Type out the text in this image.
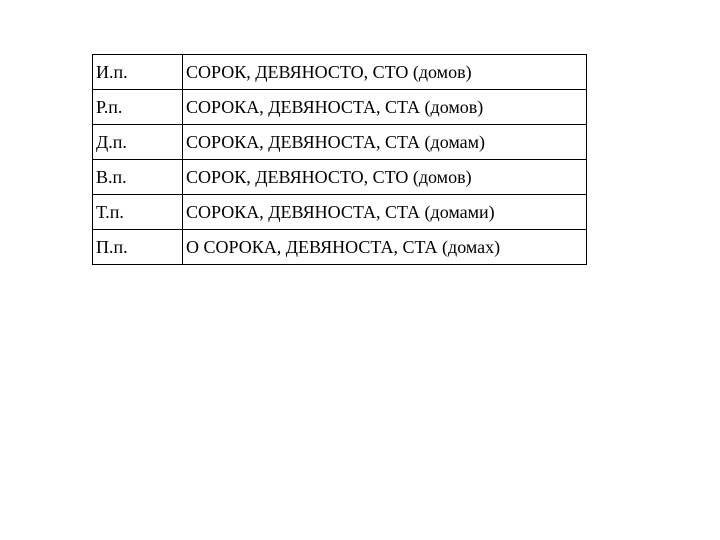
И.п.	СОРОК, ДЕВЯНОСТО, СТО (домов)
Р.п.	СОРОКА, ДЕВЯНОСТА, СТА (домов)
Д.п.	СОРОКА, ДЕВЯНОСТА, СТА (домам)
В.п.	СОРОК, ДЕВЯНОСТО, СТО (домов)
Т.п.	СОРОКА, ДЕВЯНОСТА, СТА (домами)
П.п.	О СОРОКА, ДЕВЯНОСТА, СТА (домах)
